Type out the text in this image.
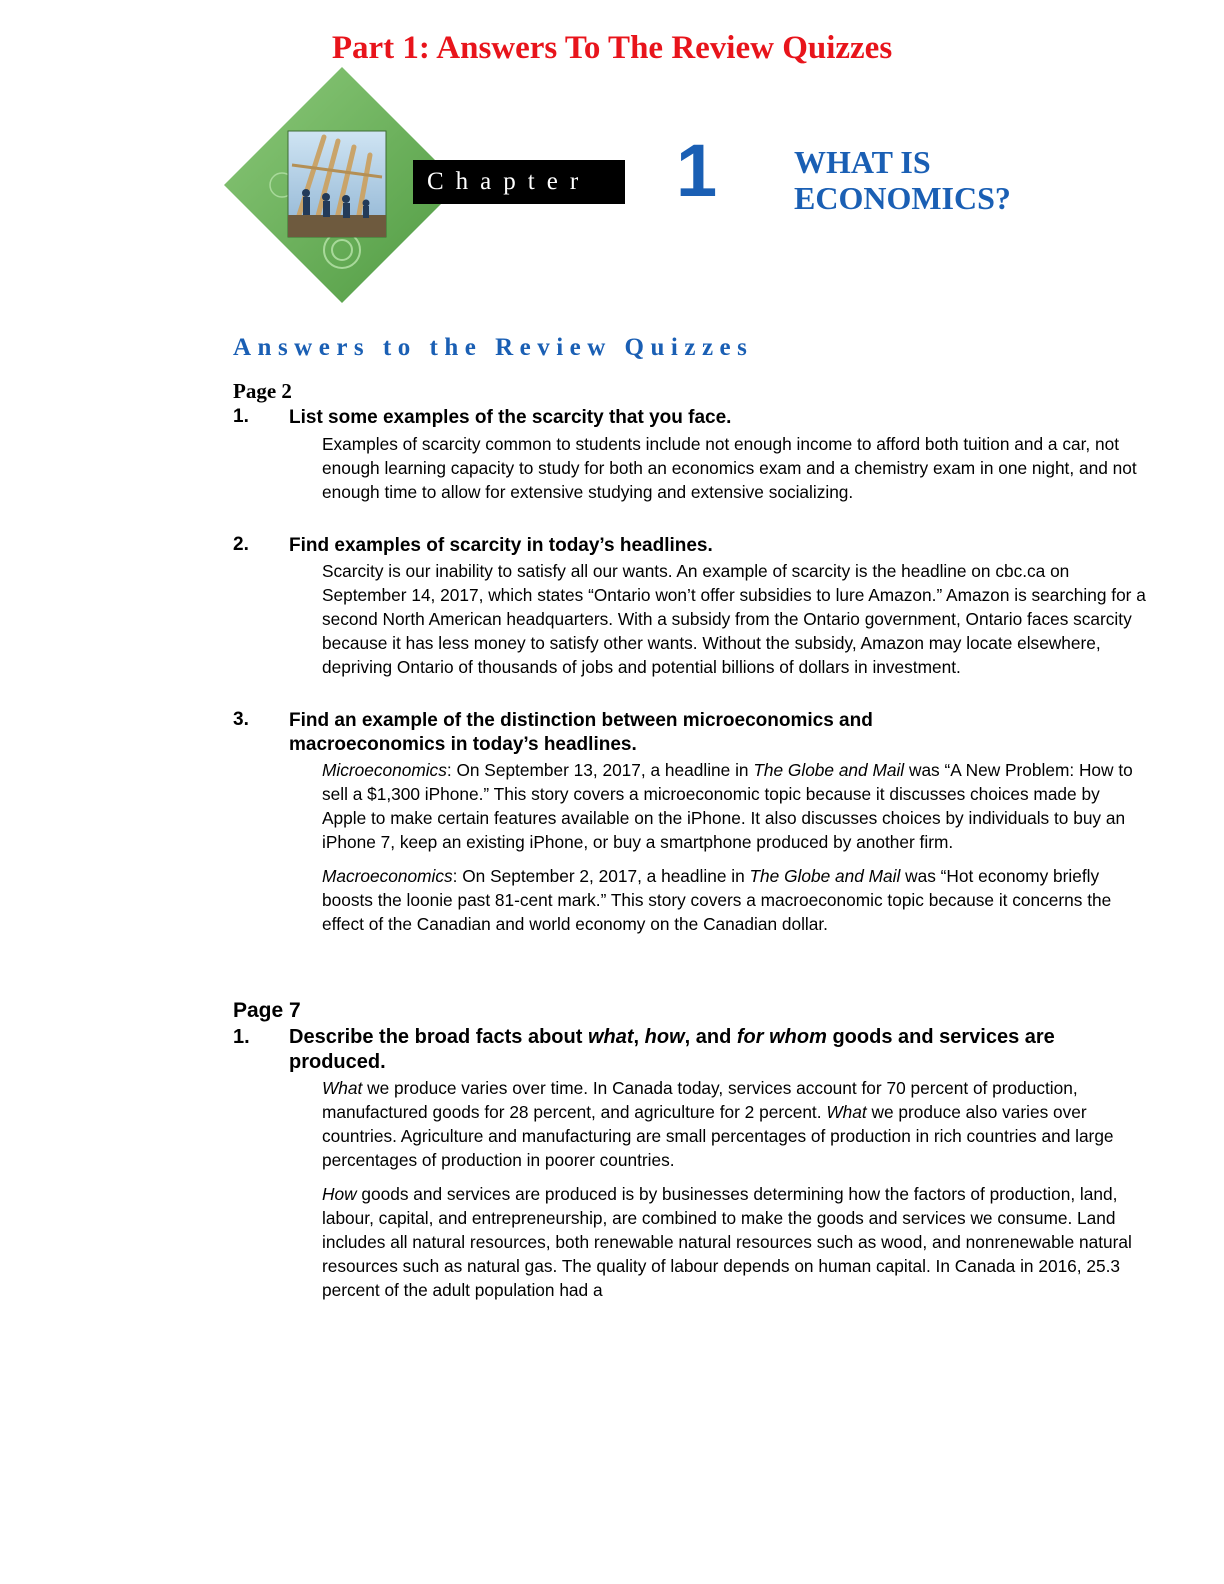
Part 1: Answers To The Review Quizzes
Chapter	1 WHAT IS
ECONOMICS?
Answers to the Review Quizzes
Page 2
1. List some examples of the scarcity that you face.

Examples of scarcity common to students include not enough income to afford both tuition and a car, not enough learning capacity to study for both an economics exam and a chemistry exam in one night, and not enough time to allow for extensive studying and extensive socializing.

2. Find examples of scarcity in today’s headlines.

Scarcity is our inability to satisfy all our wants. An example of scarcity is the headline on cbc.ca on September 14, 2017, which states “Ontario won’t offer subsidies to lure Amazon.” Amazon is searching for a second North American headquarters. With a subsidy from the Ontario government, Ontario faces scarcity because it has less money to satisfy other wants. Without the subsidy, Amazon may locate elsewhere, depriving Ontario of thousands of jobs and potential billions of dollars in investment.

3. Find an example of the distinction between microeconomics and macroeconomics in today’s headlines.

Microeconomics: On September 13, 2017, a headline in The Globe and Mail was “A New Problem: How to sell a $1,300 iPhone.” This story covers a microeconomic topic because it discusses choices made by Apple to make certain features available on the iPhone. It also discusses choices by individuals to buy an iPhone 7, keep an existing iPhone, or buy a smartphone produced by another firm.

Macroeconomics: On September 2, 2017, a headline in The Globe and Mail was “Hot economy briefly boosts the loonie past 81-cent mark.” This story covers a macroeconomic topic because it concerns the effect of the Canadian and world economy on the Canadian dollar.

Page 7
1. Describe the broad facts about what, how, and for whom goods and services are produced.

What we produce varies over time. In Canada today, services account for 70 percent of production, manufactured goods for 28 percent, and agriculture for 2 percent. What we produce also varies over countries. Agriculture and manufacturing are small percentages of production in rich countries and large percentages of production in poorer countries.

How goods and services are produced is by businesses determining how the factors of production, land, labour, capital, and entrepreneurship, are combined to make the goods and services we consume. Land includes all natural resources, both renewable natural resources such as wood, and nonrenewable natural resources such as natural gas. The quality of labour depends on human capital. In Canada in 2016, 25.3 percent of the adult population had a
